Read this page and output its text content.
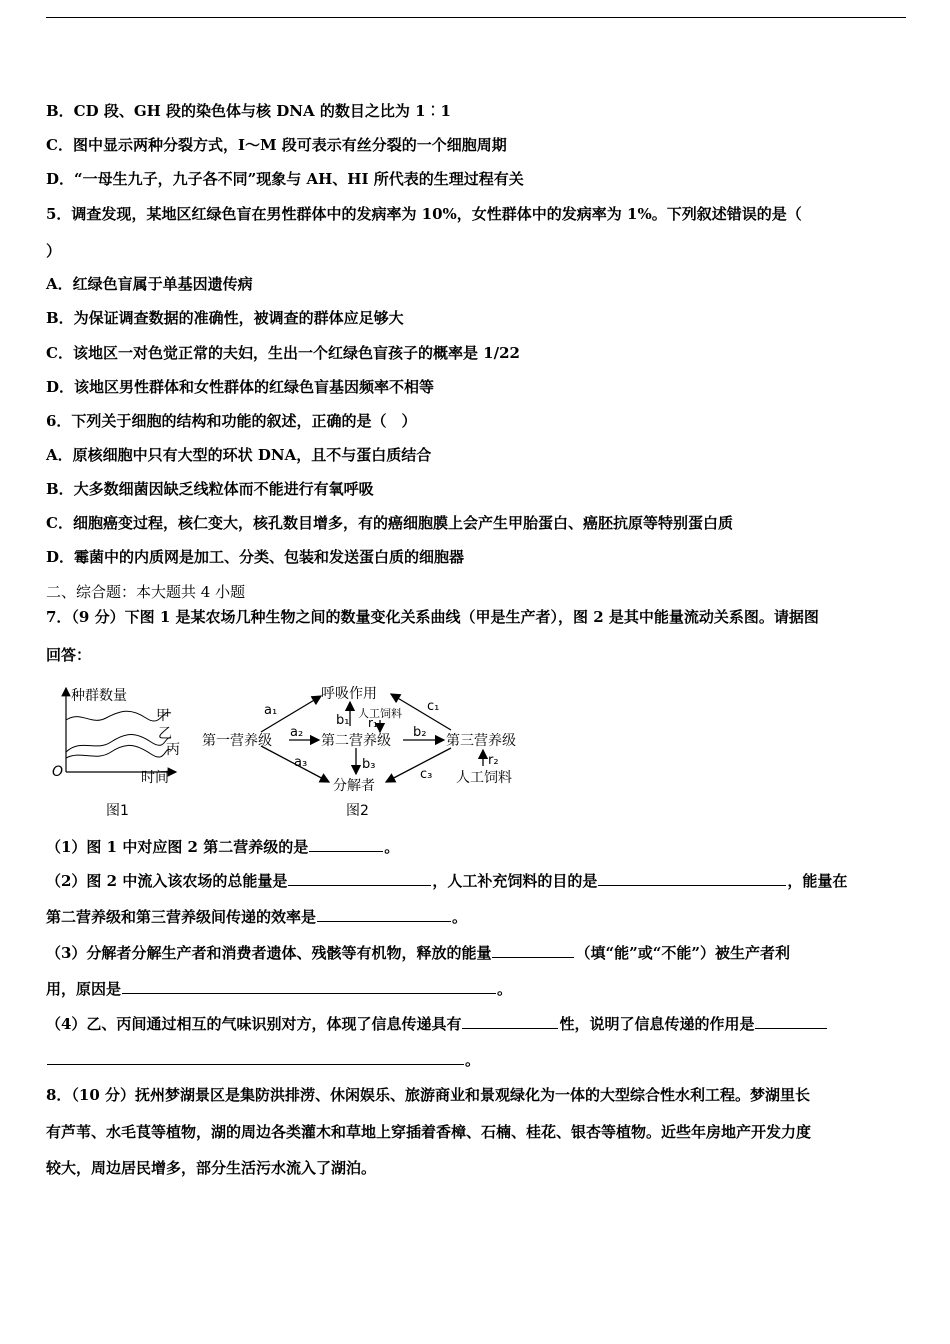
B．CD 段、GH 段的染色体与核 DNA 的数目之比为 1︰1
C．图中显示两种分裂方式，Ⅰ～M 段可表示有丝分裂的一个细胞周期
D．“一母生九子，九子各不同”现象与 AH、HI 所代表的生理过程有关
5．调查发现，某地区红绿色盲在男性群体中的发病率为 10%，女性群体中的发病率为 1%。下列叙述错误的是（
）
A．红绿色盲属于单基因遗传病
B．为保证调查数据的准确性，被调查的群体应足够大
C．该地区一对色觉正常的夫妇，生出一个红绿色盲孩子的概率是 1/22
D．该地区男性群体和女性群体的红绿色盲基因频率不相等
6．下列关于细胞的结构和功能的叙述，正确的是（　）
A．原核细胞中只有大型的环状 DNA，且不与蛋白质结合
B．大多数细菌因缺乏线粒体而不能进行有氧呼吸
C．细胞癌变过程，核仁变大，核孔数目增多，有的癌细胞膜上会产生甲胎蛋白、癌胚抗原等特别蛋白质
D．霉菌中的内质网是加工、分类、包装和发送蛋白质的细胞器
二、综合题：本大题共 4 小题
7．（9 分）下图 1 是某农场几种生物之间的数量变化关系曲线（甲是生产者），图 2 是其中能量流动关系图。请据图
回答：
种群数量
时间
O
甲
乙
丙
图1
呼吸作用
第一营养级	第二营养级	第三营养级
分解者
人工饲料
人工饲料
a₁
a₂
a₃
b₁ r₁
b₂
b₃
c₁
c₃
r₂
图2
（1）图 1 中对应图 2 第二营养级的是	。
（2）图 2 中流入该农场的总能量是	，人工补充饲料的目的是	，能量在
第二营养级和第三营养级间传递的效率是	。
（3）分解者分解生产者和消费者遗体、残骸等有机物，释放的能量	（填“能”或“不能”）被生产者利
用，原因是	。
（4）乙、丙间通过相互的气味识别对方，体现了信息传递具有	性，说明了信息传递的作用是
。
8．（10 分）抚州梦湖景区是集防洪排涝、休闲娱乐、旅游商业和景观绿化为一体的大型综合性水利工程。梦湖里长
有芦苇、水毛茛等植物，湖的周边各类灌木和草地上穿插着香樟、石楠、桂花、银杏等植物。近些年房地产开发力度
较大，周边居民增多，部分生活污水流入了湖泊。
